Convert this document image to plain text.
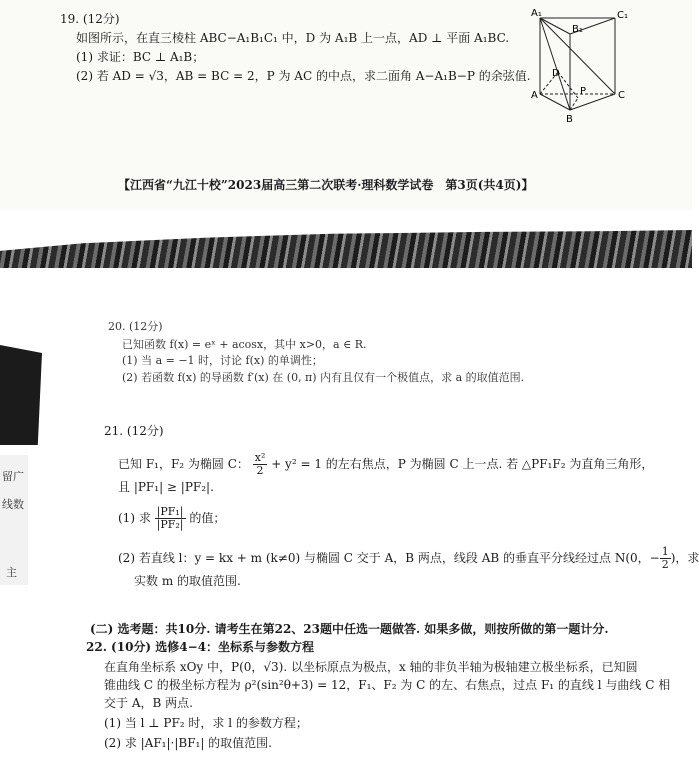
19. (12分)
如图所示，在直三棱柱 ABC−A₁B₁C₁ 中，D 为 A₁B 上一点，AD ⊥ 平面 A₁BC.
(1) 求证：BC ⊥ A₁B；
(2) 若 AD = √3，AB = BC = 2，P 为 AC 的中点，求二面角 A−A₁B−P 的余弦值.
A₁
B₁
C₁
D
P
A	C
B
【江西省“九江十校”2023届高三第二次联考·理科数学试卷　第3页(共4页)】
留广
线数
主
20. (12分)
已知函数 f(x) = eˣ + acosx，其中 x>0，a ∈ R.
(1) 当 a = −1 时，讨论 f(x) 的单调性；
(2) 若函数 f(x) 的导函数 f′(x) 在 (0, π) 内有且仅有一个极值点，求 a 的取值范围.
21. (12分)
已知 F₁，F₂ 为椭圆 C： $\frac{\text{x²}}{2} + y^2 = 1$ 的左右焦点，P 为椭圆 C 上一点. 若 △PF₁F₂ 为直角三角形，
且 |PF₁| ≥ |PF₂|.
(1) 求 $\frac{\text{|PF₁|}}{\text{|PF₂|}}$ 的值；
(2) 若直线 l：y = kx + m (k≠0) 与椭圆 C 交于 A，B 两点，线段 AB 的垂直平分线经过点 N(0，− $\frac{1}{2}$ )，求
实数 m 的取值范围.
(二) 选考题：共10分. 请考生在第22、23题中任选一题做答. 如果多做，则按所做的第一题计分.
22. (10分) 选修4−4：坐标系与参数方程
在直角坐标系 xOy 中，P(0，√3). 以坐标原点为极点，x 轴的非负半轴为极轴建立极坐标系，已知圆
锥曲线 C 的极坐标方程为 ρ²(sin²θ+3) = 12，F₁、F₂ 为 C 的左、右焦点，过点 F₁ 的直线 l 与曲线 C 相
交于 A，B 两点.
(1) 当 l ⊥ PF₂ 时，求 l 的参数方程；
(2) 求 |AF₁|·|BF₁| 的取值范围.
